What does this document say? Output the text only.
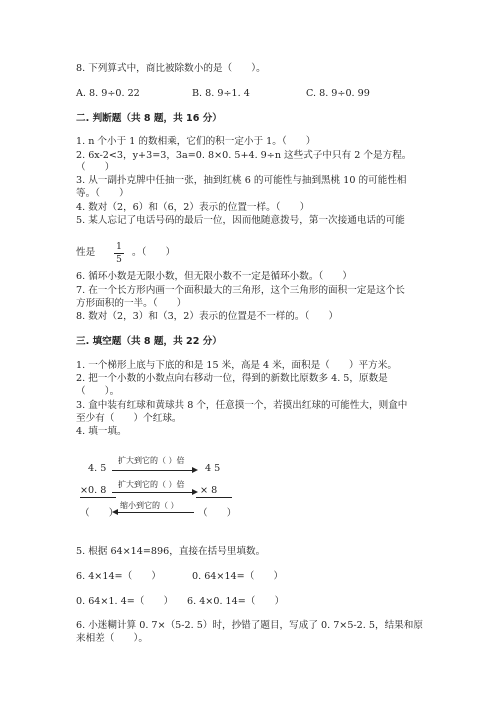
8. 下列算式中，商比被除数小的是（　　）。
A. 8. 9÷0. 22	B. 8. 9÷1. 4	C. 8. 9÷0. 99
二. 判断题（共 8 题，共 16 分）
1. n 个小于 1 的数相乘，它们的积一定小于 1。（　　）
2. 6x-2<3，y+3=3，3a=0. 8×0. 5+4. 9÷n 这些式子中只有 2 个是方程。
（　　）
3. 从一副扑克牌中任抽一张，抽到红桃 6 的可能性与抽到黑桃 10 的可能性相
等。（　　）
4. 数对（2，6）和（6，2）表示的位置一样。（　　）
5. 某人忘记了电话号码的最后一位，因而他随意拨号，第一次接通电话的可能
性是 1
5
。（　　）
6. 循环小数是无限小数，但无限小数不一定是循环小数。（　　）
7. 在一个长方形内画一个面积最大的三角形，这个三角形的面积一定是这个长
方形面积的一半。（　　）
8. 数对（2，3）和（3，2）表示的位置是不一样的。（　　）
三. 填空题（共 8 题，共 22 分）
1. 一个梯形上底与下底的和是 15 米，高是 4 米，面积是（　　）平方米。
2. 把一个小数的小数点向右移动一位，得到的新数比原数多 4. 5，原数是
（　　）。
3. 盒中装有红球和黄球共 8 个，任意摸一个，若摸出红球的可能性大，则盒中
至少有（　　）个红球。
4. 填一填。
4. 5
扩大到它的（ ）倍
4 5
×0. 8
扩大到它的（ ）倍
× 8
（　　）
缩小到它的（ ）
（　　）
5. 根据 64×14=896，直接在括号里填数。
6. 4×14=（　　）	0. 64×14=（　　）
0. 64×1. 4=（　　） 6. 4×0. 14=（　　）
6. 小迷糊计算 0. 7×（5-2. 5）时，抄错了题目，写成了 0. 7×5-2. 5，结果和原
来相差（　　）。
